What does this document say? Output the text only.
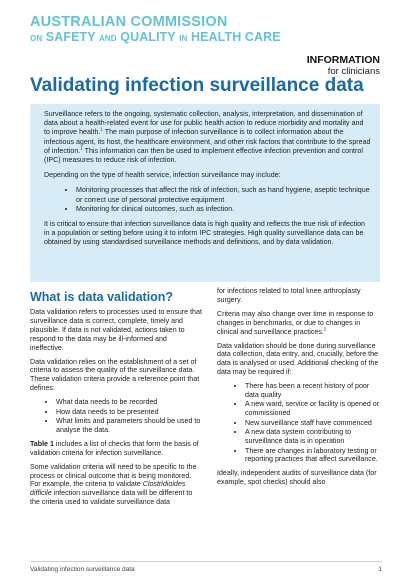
AUSTRALIAN COMMISSION
ON SAFETY AND QUALITY IN HEALTH CARE
INFORMATION
for clinicians
Validating infection surveillance data

Surveillance refers to the ongoing, systematic collection, analysis, interpretation, and dissemination of data about a health-related event for use for public health action to reduce morbidity and mortality and to improve health.$^1$ The main purpose of infection surveillance is to collect information about the infectious agent, its host, the healthcare environment, and other risk factors that contribute to the spread of infection.$^1$ This information can then be used to implement effective infection prevention and control (IPC) measures to reduce risk of infection.

Depending on the type of health service, infection surveillance may include:

• Monitoring processes that affect the risk of infection, such as hand hygiene, aseptic technique or correct use of personal protective equipment
• Monitoring for clinical outcomes, such as infection.

It is critical to ensure that infection surveillance data is high quality and reflects the true risk of infection in a population or setting before using it to inform IPC strategies. High quality surveillance data can be obtained by using standardised surveillance methods and definitions, and by data validation.

What is data validation?

Data validation refers to processes used to ensure that surveillance data is correct, complete, timely and plausible. If data is not validated, actions taken to respond to the data may be ill-informed and ineffective.

Data validation relies on the establishment of a set of criteria to assess the quality of the surveillance data. These validation criteria provide a reference point that defines:

• What data needs to be recorded
• How data needs to be presented
• What limits and parameters should be used to analyse the data.

Table 1 includes a list of checks that form the basis of validation criteria for infection surveillance.

Some validation criteria will need to be specific to the process or clinical outcome that is being monitored. For example, the criteria to validate Clostridioides difficile infection surveillance data will be different to the criteria used to validate surveillance data

for infections related to total knee arthroplasty surgery.

Criteria may also change over time in response to changes in benchmarks, or due to changes in clinical and surveillance practices.$^2$

Data validation should be done during surveillance data collection, data entry, and, crucially, before the data is analysed or used. Additional checking of the data may be required if:

• There has been a recent history of poor data quality
• A new ward, service or facility is opened or commissioned
• New surveillance staff have commenced
• A new data system contributing to surveillance data is in operation
• There are changes in laboratory testing or reporting practices that affect surveillance.

Ideally, independent audits of surveillance data (for example, spot checks) should also

Validating infection surveillance data	1
